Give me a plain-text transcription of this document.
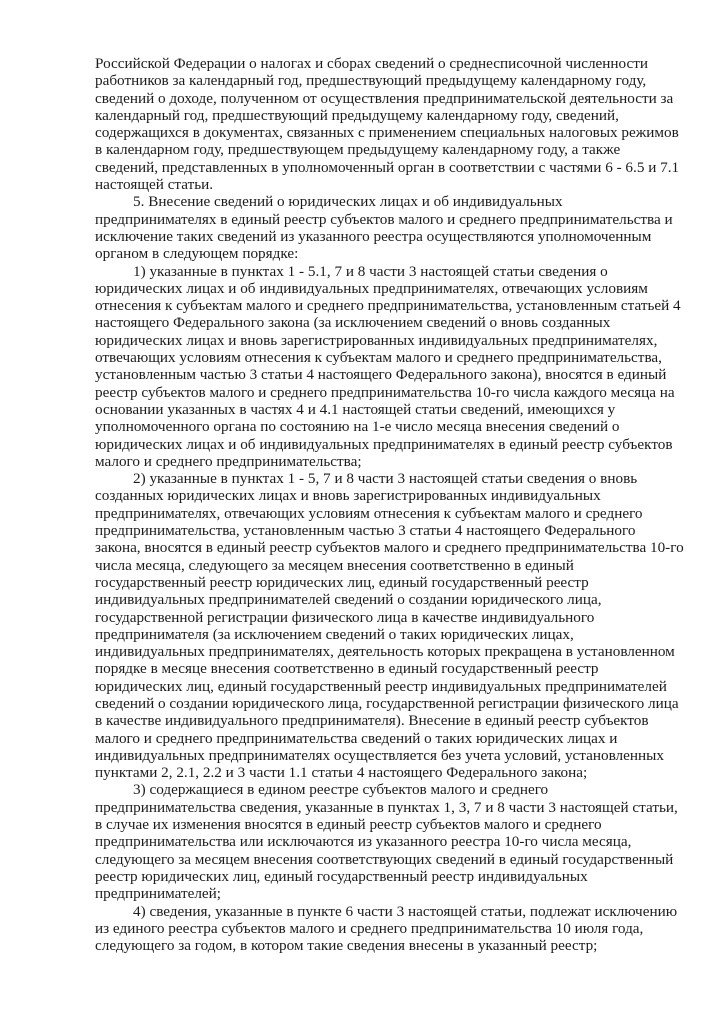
Российской Федерации о налогах и сборах сведений о среднесписочной численности
работников за календарный год, предшествующий предыдущему календарному году,
сведений о доходе, полученном от осуществления предпринимательской деятельности за
календарный год, предшествующий предыдущему календарному году, сведений,
содержащихся в документах, связанных с применением специальных налоговых режимов
в календарном году, предшествующем предыдущему календарному году, а также
сведений, представленных в уполномоченный орган в соответствии с частями 6 - 6.5 и 7.1
настоящей статьи.
5. Внесение сведений о юридических лицах и об индивидуальных
предпринимателях в единый реестр субъектов малого и среднего предпринимательства и
исключение таких сведений из указанного реестра осуществляются уполномоченным
органом в следующем порядке:
1) указанные в пунктах 1 - 5.1, 7 и 8 части 3 настоящей статьи сведения о
юридических лицах и об индивидуальных предпринимателях, отвечающих условиям
отнесения к субъектам малого и среднего предпринимательства, установленным статьей 4
настоящего Федерального закона (за исключением сведений о вновь созданных
юридических лицах и вновь зарегистрированных индивидуальных предпринимателях,
отвечающих условиям отнесения к субъектам малого и среднего предпринимательства,
установленным частью 3 статьи 4 настоящего Федерального закона), вносятся в единый
реестр субъектов малого и среднего предпринимательства 10-го числа каждого месяца на
основании указанных в частях 4 и 4.1 настоящей статьи сведений, имеющихся у
уполномоченного органа по состоянию на 1-е число месяца внесения сведений о
юридических лицах и об индивидуальных предпринимателях в единый реестр субъектов
малого и среднего предпринимательства;
2) указанные в пунктах 1 - 5, 7 и 8 части 3 настоящей статьи сведения о вновь
созданных юридических лицах и вновь зарегистрированных индивидуальных
предпринимателях, отвечающих условиям отнесения к субъектам малого и среднего
предпринимательства, установленным частью 3 статьи 4 настоящего Федерального
закона, вносятся в единый реестр субъектов малого и среднего предпринимательства 10-го
числа месяца, следующего за месяцем внесения соответственно в единый
государственный реестр юридических лиц, единый государственный реестр
индивидуальных предпринимателей сведений о создании юридического лица,
государственной регистрации физического лица в качестве индивидуального
предпринимателя (за исключением сведений о таких юридических лицах,
индивидуальных предпринимателях, деятельность которых прекращена в установленном
порядке в месяце внесения соответственно в единый государственный реестр
юридических лиц, единый государственный реестр индивидуальных предпринимателей
сведений о создании юридического лица, государственной регистрации физического лица
в качестве индивидуального предпринимателя). Внесение в единый реестр субъектов
малого и среднего предпринимательства сведений о таких юридических лицах и
индивидуальных предпринимателях осуществляется без учета условий, установленных
пунктами 2, 2.1, 2.2 и 3 части 1.1 статьи 4 настоящего Федерального закона;
3) содержащиеся в едином реестре субъектов малого и среднего
предпринимательства сведения, указанные в пунктах 1, 3, 7 и 8 части 3 настоящей статьи,
в случае их изменения вносятся в единый реестр субъектов малого и среднего
предпринимательства или исключаются из указанного реестра 10-го числа месяца,
следующего за месяцем внесения соответствующих сведений в единый государственный
реестр юридических лиц, единый государственный реестр индивидуальных
предпринимателей;
4) сведения, указанные в пункте 6 части 3 настоящей статьи, подлежат исключению
из единого реестра субъектов малого и среднего предпринимательства 10 июля года,
следующего за годом, в котором такие сведения внесены в указанный реестр;
